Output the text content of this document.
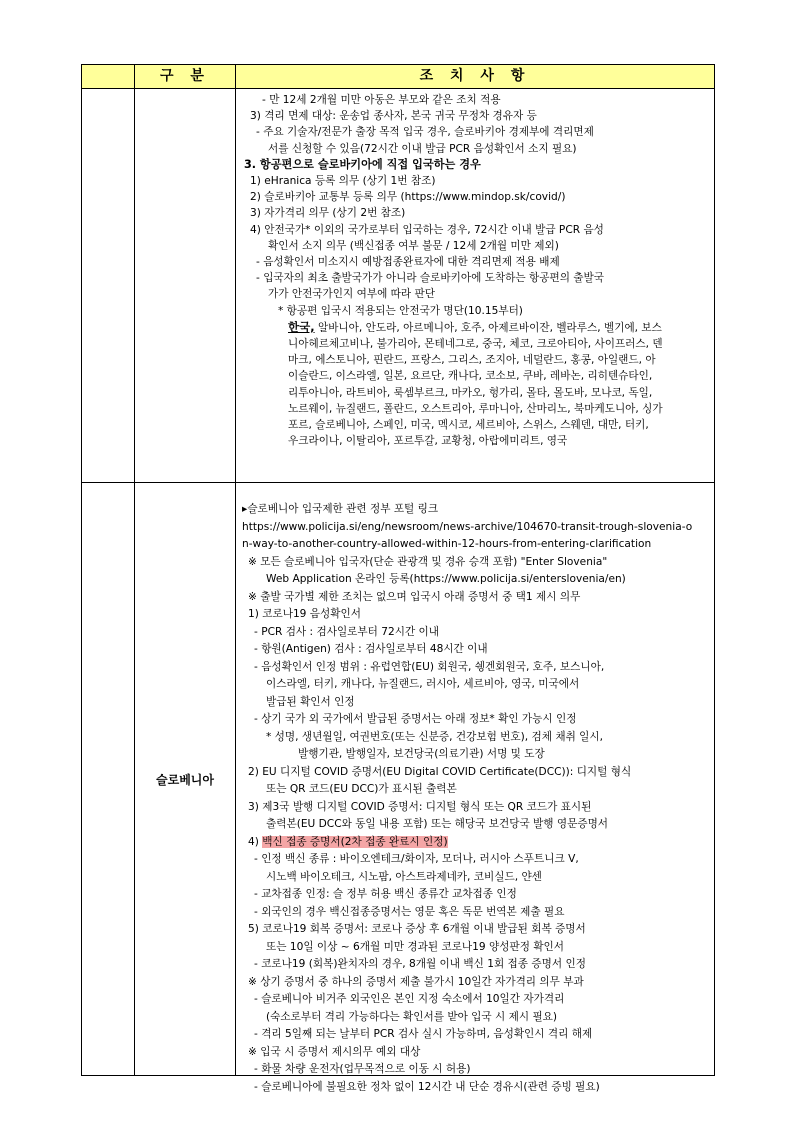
구 분	조 치 사 항
- 만 12세 2개월 미만 아동은 부모와 같은 조치 적용
3) 격리 면제 대상: 운송업 종사자, 본국 귀국 무정차 경유자 등
- 주요 기술자/전문가 출장 목적 입국 경우, 슬로바키아 경제부에 격리면제
서를 신청할 수 있음(72시간 이내 발급 PCR 음성확인서 소지 필요)
3. 항공편으로 슬로바키아에 직접 입국하는 경우
1) eHranica 등록 의무 (상기 1번 참조)
2) 슬로바키아 교통부 등록 의무 (https://www.mindop.sk/covid/)
3) 자가격리 의무 (상기 2번 참조)
4) 안전국가* 이외의 국가로부터 입국하는 경우, 72시간 이내 발급 PCR 음성
확인서 소지 의무 (백신접종 여부 불문 / 12세 2개월 미만 제외)
- 음성확인서 미소지시 예방접종완료자에 대한 격리면제 적용 배제
- 입국자의 최초 출발국가가 아니라 슬로바키아에 도착하는 항공편의 출발국
가가 안전국가인지 여부에 따라 판단
* 항공편 입국시 적용되는 안전국가 명단(10.15부터)
한국, 알바니아, 안도라, 아르메니아, 호주, 아제르바이잔, 벨라루스, 벨기에, 보스
니아헤르체고비나, 불가리아, 몬테네그로, 중국, 체코, 크로아티아, 사이프러스, 덴
마크, 에스토니아, 핀란드, 프랑스, 그리스, 조지아, 네덜란드, 홍콩, 아일랜드, 아
이슬란드, 이스라엘, 일본, 요르단, 캐나다, 코소보, 쿠바, 레바논, 리히텐슈타인,
리투아니아, 라트비아, 룩셈부르크, 마카오, 헝가리, 몰타, 몰도바, 모나코, 독일,
노르웨이, 뉴질랜드, 폴란드, 오스트리아, 루마니아, 산마리노, 북마케도니아, 싱가
포르, 슬로베니아, 스페인, 미국, 멕시코, 세르비아, 스위스, 스웨덴, 대만, 터키,
우크라이나, 이탈리아, 포르투갈, 교황청, 아랍에미리트, 영국
슬로베니아
▸슬로베니아 입국제한 관련 정부 포털 링크
https://www.policija.si/eng/newsroom/news-archive/104670-transit-trough-slovenia-o
n-way-to-another-country-allowed-within-12-hours-from-entering-clarification
※ 모든 슬로베니아 입국자(단순 관광객 및 경유 승객 포함) "Enter Slovenia"
Web Application 온라인 등록(https://www.policija.si/enterslovenia/en)
※ 출발 국가별 제한 조치는 없으며 입국시 아래 증명서 중 택1 제시 의무
1) 코로나19 음성확인서
- PCR 검사 : 검사일로부터 72시간 이내
- 항원(Antigen) 검사 : 검사일로부터 48시간 이내
- 음성확인서 인정 범위 : 유럽연합(EU) 회원국, 쉥겐회원국, 호주, 보스니아,
이스라엘, 터키, 캐나다, 뉴질랜드, 러시아, 세르비아, 영국, 미국에서
발급된 확인서 인정
- 상기 국가 외 국가에서 발급된 증명서는 아래 정보* 확인 가능시 인정
* 성명, 생년월일, 여권번호(또는 신분증, 건강보험 번호), 검체 채취 일시,
발행기관, 발행일자, 보건당국(의료기관) 서명 및 도장
2) EU 디지털 COVID 증명서(EU Digital COVID Certificate(DCC)): 디지털 형식
또는 QR 코드(EU DCC)가 표시된 출력본
3) 제3국 발행 디지털 COVID 증명서: 디지털 형식 또는 QR 코드가 표시된
출력본(EU DCC와 동일 내용 포함) 또는 해당국 보건당국 발행 영문증명서
4) 백신 접종 증명서(2차 접종 완료시 인정)
- 인정 백신 종류 : 바이오엔테크/화이자, 모더나, 러시아 스푸트니크 V,
시노백 바이오테크, 시노팜, 아스트라제네카, 코비실드, 얀센
- 교차접종 인정: 슬 정부 허용 백신 종류간 교차접종 인정
- 외국인의 경우 백신접종증명서는 영문 혹은 독문 번역본 제출 필요
5) 코로나19 회복 증명서: 코로나 증상 후 6개월 이내 발급된 회복 증명서
또는 10일 이상 ~ 6개월 미만 경과된 코로나19 양성판정 확인서
- 코로나19 (회복)완치자의 경우, 8개월 이내 백신 1회 접종 증명서 인정
※ 상기 증명서 중 하나의 증명서 제출 불가시 10일간 자가격리 의무 부과
- 슬로베니아 비거주 외국인은 본인 지정 숙소에서 10일간 자가격리
(숙소로부터 격리 가능하다는 확인서를 받아 입국 시 제시 필요)
- 격리 5일째 되는 날부터 PCR 검사 실시 가능하며, 음성확인시 격리 해제
※ 입국 시 증명서 제시의무 예외 대상
- 화물 차량 운전자(업무목적으로 이동 시 허용)
- 슬로베니아에 불필요한 정차 없이 12시간 내 단순 경유시(관련 증빙 필요)
